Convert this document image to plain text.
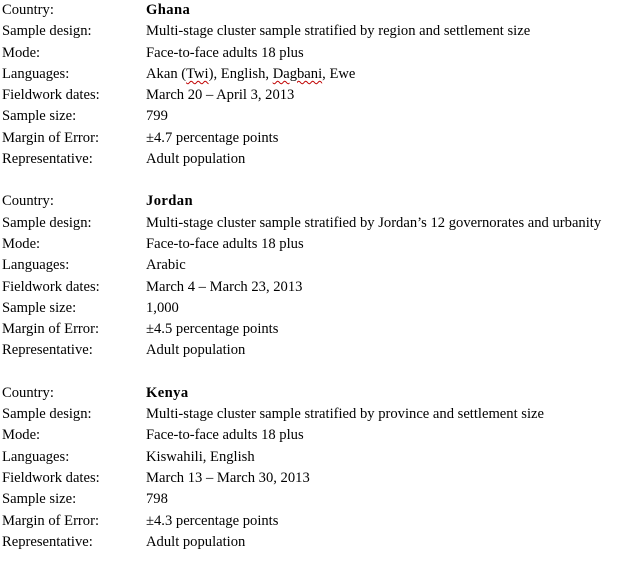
Country:	Ghana
Sample design:	Multi-stage cluster sample stratified by region and settlement size
Mode:	Face-to-face adults 18 plus
Languages:	Akan (Twi), English, Dagbani, Ewe
Fieldwork dates:	March 20 – April 3, 2013
Sample size:	799
Margin of Error:	±4.7 percentage points
Representative:	Adult population
Country:	Jordan
Sample design:	Multi-stage cluster sample stratified by Jordan’s 12 governorates and urbanity
Mode:	Face-to-face adults 18 plus
Languages:	Arabic
Fieldwork dates:	March 4 – March 23, 2013
Sample size:	1,000
Margin of Error:	±4.5 percentage points
Representative:	Adult population
Country:	Kenya
Sample design:	Multi-stage cluster sample stratified by province and settlement size
Mode:	Face-to-face adults 18 plus
Languages:	Kiswahili, English
Fieldwork dates:	March 13 – March 30, 2013
Sample size:	798
Margin of Error:	±4.3 percentage points
Representative:	Adult population
